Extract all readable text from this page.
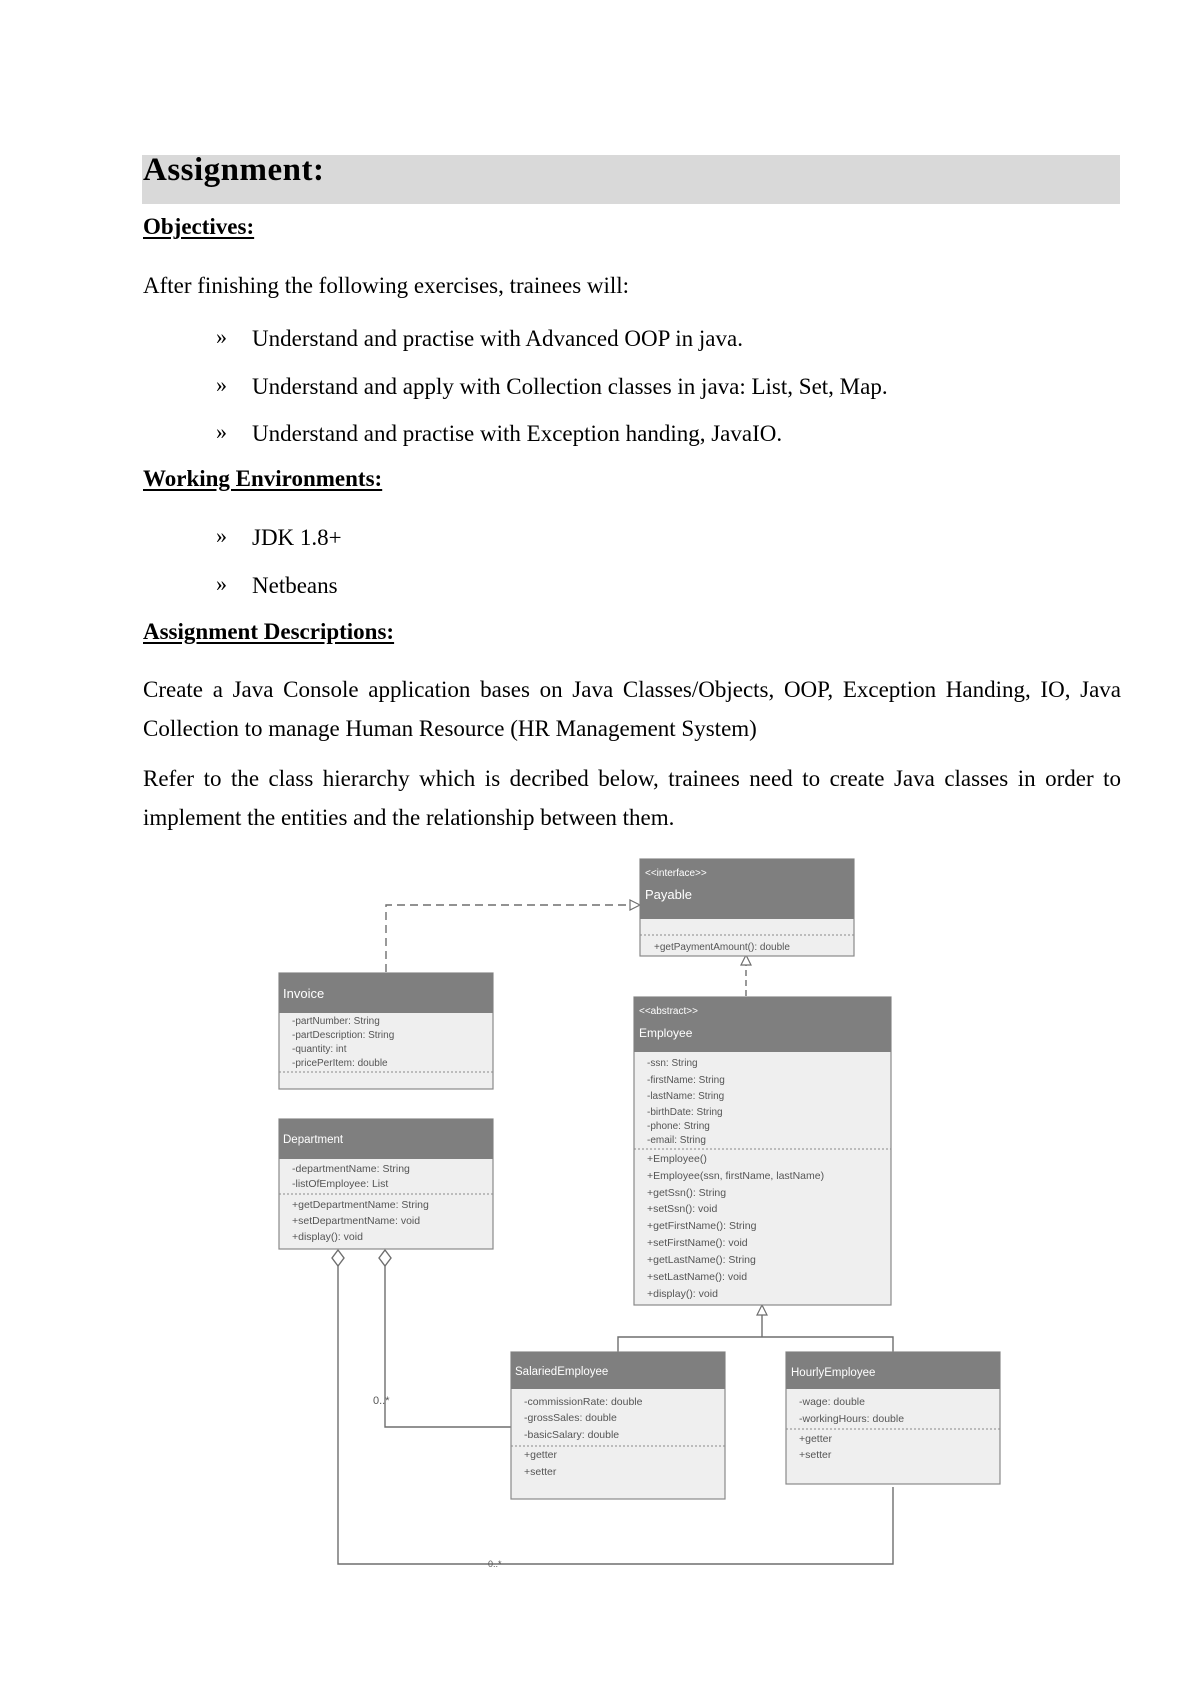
Assignment:
Objectives:
After finishing the following exercises, trainees will:
» Understand and practise with Advanced OOP in java.
» Understand and apply with Collection classes in java: List, Set, Map.
» Understand and practise with Exception handing, JavaIO.
Working Environments:
» JDK 1.8+
» Netbeans
Assignment Descriptions:
Create a Java Console application bases on Java Classes/Objects, OOP, Exception Handing, IO, Java Collection to manage Human Resource (HR Management System)
Refer to the class hierarchy which is decribed below, trainees need to create Java classes in order to implement the entities and the relationship between them.
0..*
0..*
<<interface>>
Payable
+getPaymentAmount(): double
Invoice
-partNumber: String
-partDescription: String
-quantity: int
-pricePerItem: double
<<abstract>>
Employee
-ssn: String
-firstName: String
-lastName: String
-birthDate: String
-phone: String
-email: String
+Employee()
+Employee(ssn, firstName, lastName)
+getSsn(): String
+setSsn(): void
+getFirstName(): String
+setFirstName(): void
+getLastName(): String
+setLastName(): void
+display(): void
Department
-departmentName: String
-listOfEmployee: List
+getDepartmentName: String
+setDepartmentName: void
+display(): void
SalariedEmployee
-commissionRate: double
-grossSales: double
-basicSalary: double
+getter
+setter
HourlyEmployee
-wage: double
-workingHours: double
+getter
+setter
